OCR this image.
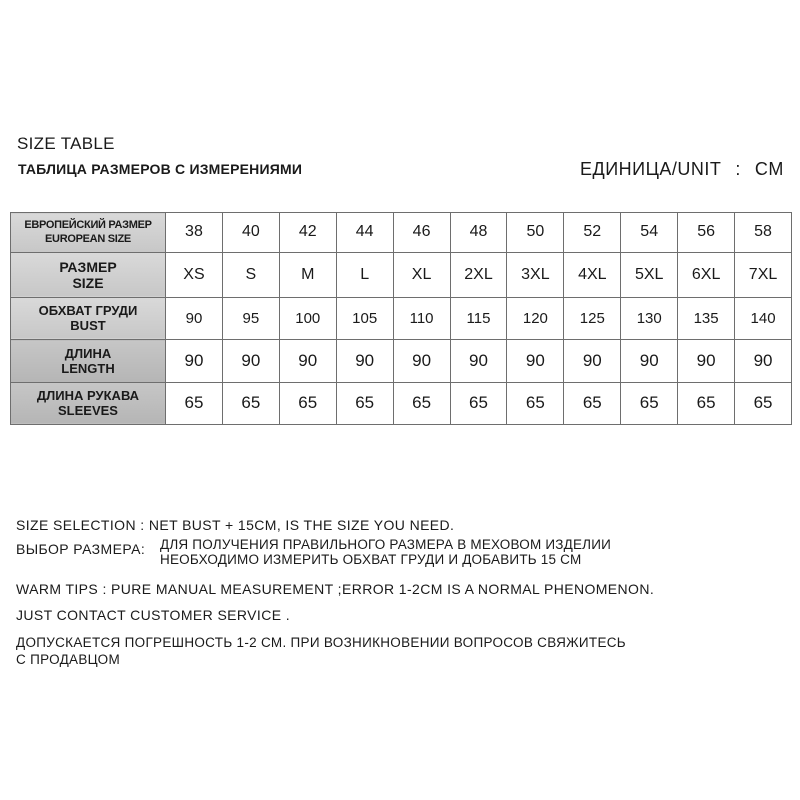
SIZE TABLE
ТАБЛИЦА РАЗМЕРОВ С ИЗМЕРЕНИЯМИ	ЕДИНИЦА/UNIT : CM
ЕВРОПЕЙСКИЙ РАЗМЕР
EUROPEAN SIZE	38	40	42	44	46	48	50	52	54	56	58

РАЗМЕР
SIZE	XS	S	M	L	XL	2XL	3XL	4XL	5XL	6XL	7XL

ОБХВАТ ГРУДИ
BUST	90	95	100	105	110	115	120	125	130	135	140

ДЛИНА
LENGTH	90	90	90	90	90	90	90	90	90	90	90

ДЛИНА РУКАВА
SLEEVES	65	65	65	65	65	65	65	65	65	65	65
SIZE SELECTION : NET BUST + 15CM, IS THE SIZE YOU NEED.
ВЫБОР РАЗМЕРА: ДЛЯ ПОЛУЧЕНИЯ ПРАВИЛЬНОГО РАЗМЕРА В МЕХОВОМ ИЗДЕЛИИ
НЕОБХОДИМО ИЗМЕРИТЬ ОБХВАТ ГРУДИ И ДОБАВИТЬ 15 СМ
WARM TIPS : PURE MANUAL MEASUREMENT ;ERROR 1-2CM IS A NORMAL PHENOMENON.
JUST CONTACT CUSTOMER SERVICE .
ДОПУСКАЕТСЯ ПОГРЕШНОСТЬ 1-2 СМ. ПРИ ВОЗНИКНОВЕНИИ ВОПРОСОВ СВЯЖИТЕСЬ
С ПРОДАВЦОМ
